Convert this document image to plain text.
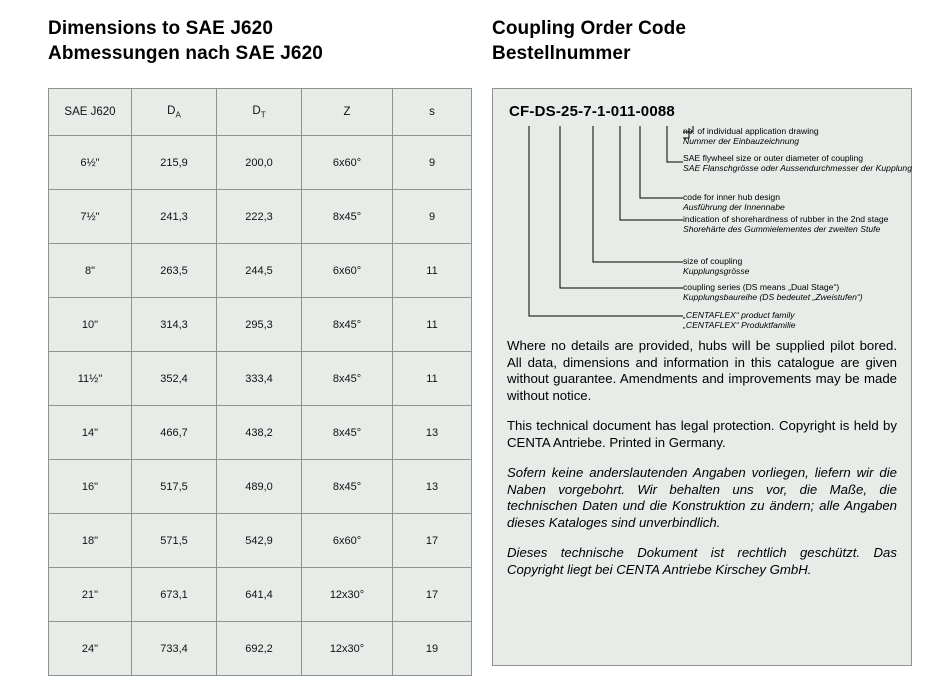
Dimensions to SAE J620
Abmessungen nach SAE J620
SAE J620	$D_A$	$D_T$	Z	s
6½"	215,9	200,0	6x60°	9
7½"	241,3	222,3	8x45°	9
8"	263,5	244,5	6x60°	11
10"	314,3	295,3	8x45°	11
11½"	352,4	333,4	8x45°	11
14"	466,7	438,2	8x45°	13
16"	517,5	489,0	8x45°	13
18"	571,5	542,9	6x60°	17
21"	673,1	641,4	12x30°	17
24"	733,4	692,2	12x30°	19
Coupling Order Code
Bestellnummer
CF-DS-25-7-1-011-0088
no. of individual application drawing
Nummer der Einbauzeichnung
SAE flywheel size or outer diameter of coupling
SAE Flanschgrösse oder Aussendurchmesser der Kupplung
code for inner hub design
Ausführung der Innennabe
indication of shorehardness of rubber in the 2nd stage
Shorehärte des Gummielementes der zweiten Stufe
size of coupling
Kupplungsgrösse
coupling series (DS means „Dual Stage“)
Kupplungsbaureihe (DS bedeutet „Zweistufen“)
„CENTAFLEX“ product family
„CENTAFLEX“ Produktfamilie

Where no details are provided, hubs will be supplied pilot bored. All data, dimensions and information in this catalogue are given without guarantee. Amendments and improvements may be made without notice.

This technical document has legal protection. Copyright is held by CENTA Antriebe. Printed in Germany.

Sofern keine anderslautenden Angaben vorliegen, liefern wir die Naben vorgebohrt. Wir behalten uns vor, die Maße, die technischen Daten und die Konstruktion zu ändern; alle Angaben dieses Kataloges sind unverbindlich.

Dieses technische Dokument ist rechtlich geschützt. Das Copyright liegt bei CENTA Antriebe Kirschey GmbH.
